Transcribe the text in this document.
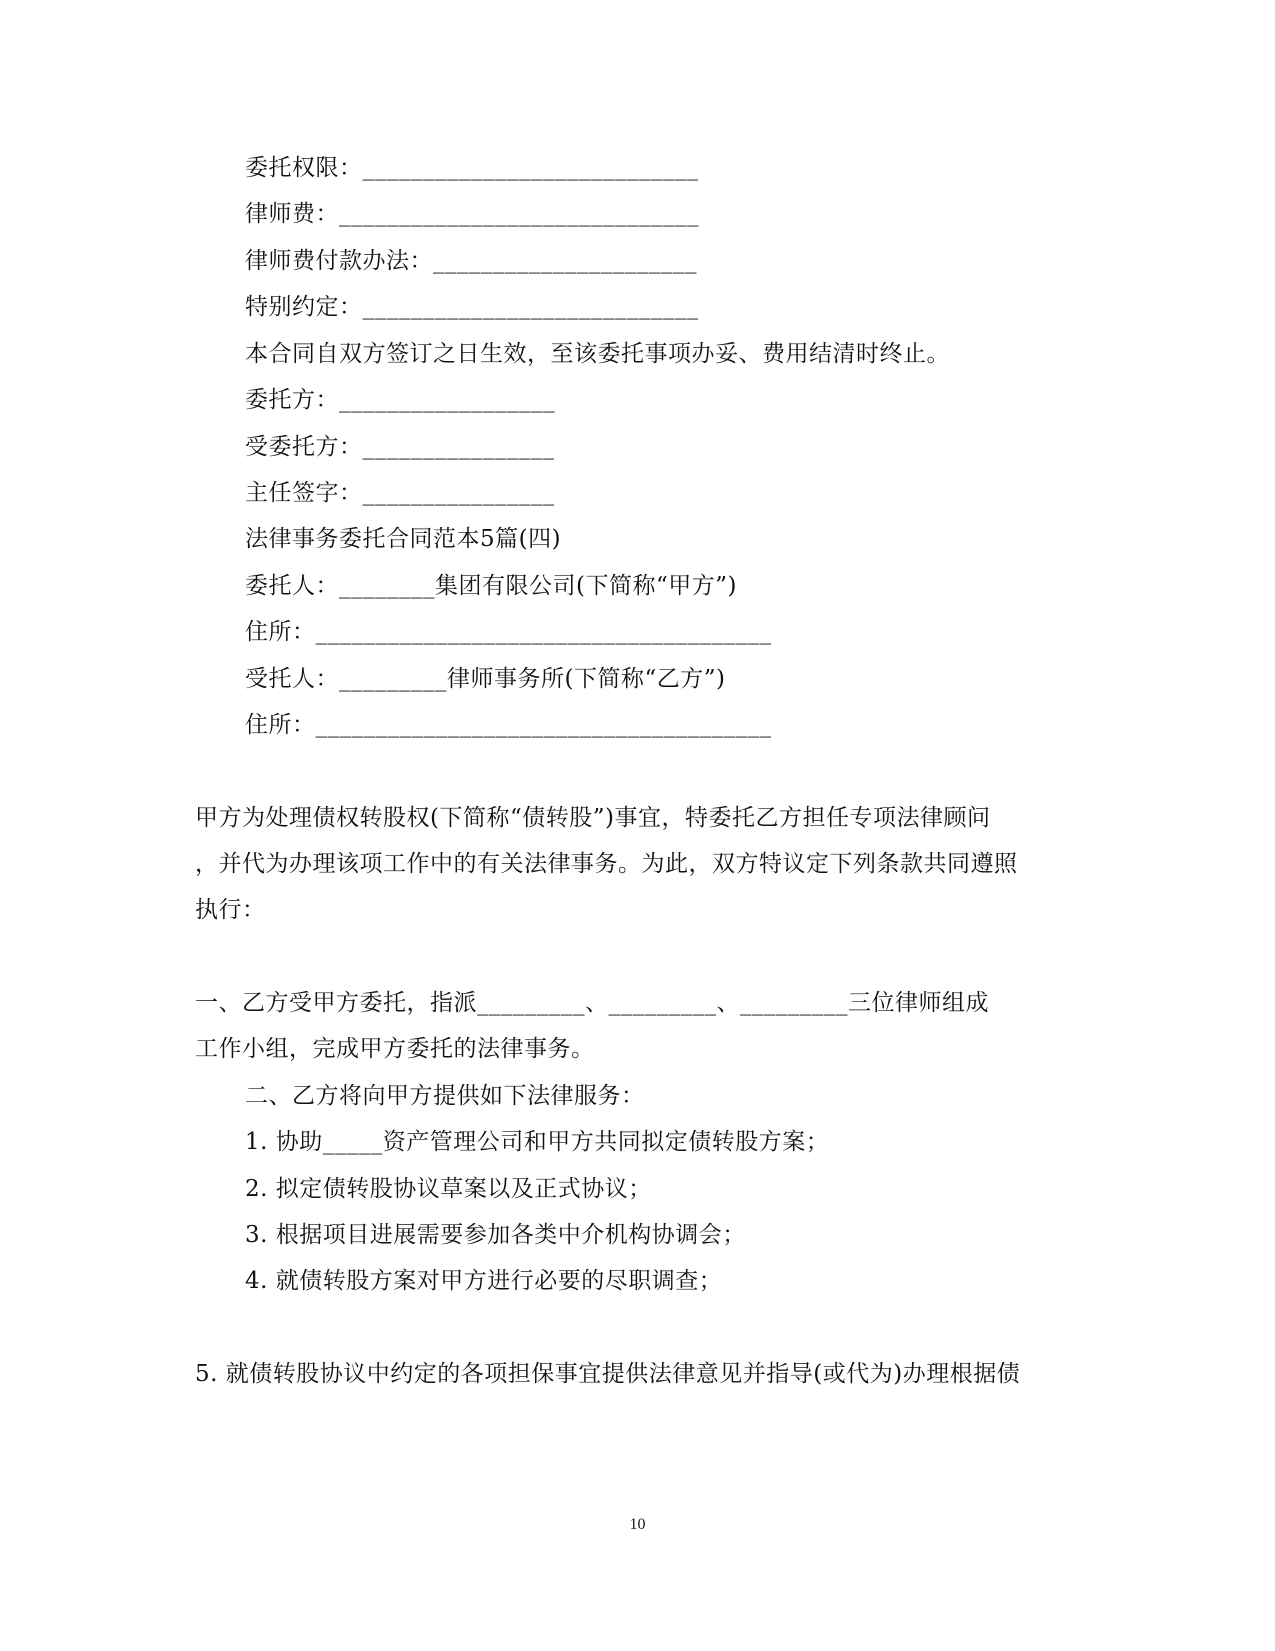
委托权限：____________________________
律师费：______________________________
律师费付款办法：______________________
特别约定：____________________________
本合同自双方签订之日生效，至该委托事项办妥、费用结清时终止。
委托方：__________________
受委托方：________________
主任签字：________________
法律事务委托合同范本5篇(四)
委托人：________集团有限公司(下简称“甲方”)
住所：______________________________________
受托人：_________律师事务所(下简称“乙方”)
住所：______________________________________
甲方为处理债权转股权(下简称“债转股”)事宜，特委托乙方担任专项法律顾问
，并代为办理该项工作中的有关法律事务。为此，双方特议定下列条款共同遵照
执行：
一、乙方受甲方委托，指派_________、_________、_________三位律师组成
工作小组，完成甲方委托的法律事务。
二、乙方将向甲方提供如下法律服务：
1. 协助_____资产管理公司和甲方共同拟定债转股方案；
2. 拟定债转股协议草案以及正式协议；
3. 根据项目进展需要参加各类中介机构协调会；
4. 就债转股方案对甲方进行必要的尽职调查；
5. 就债转股协议中约定的各项担保事宜提供法律意见并指导(或代为)办理根据债
10
